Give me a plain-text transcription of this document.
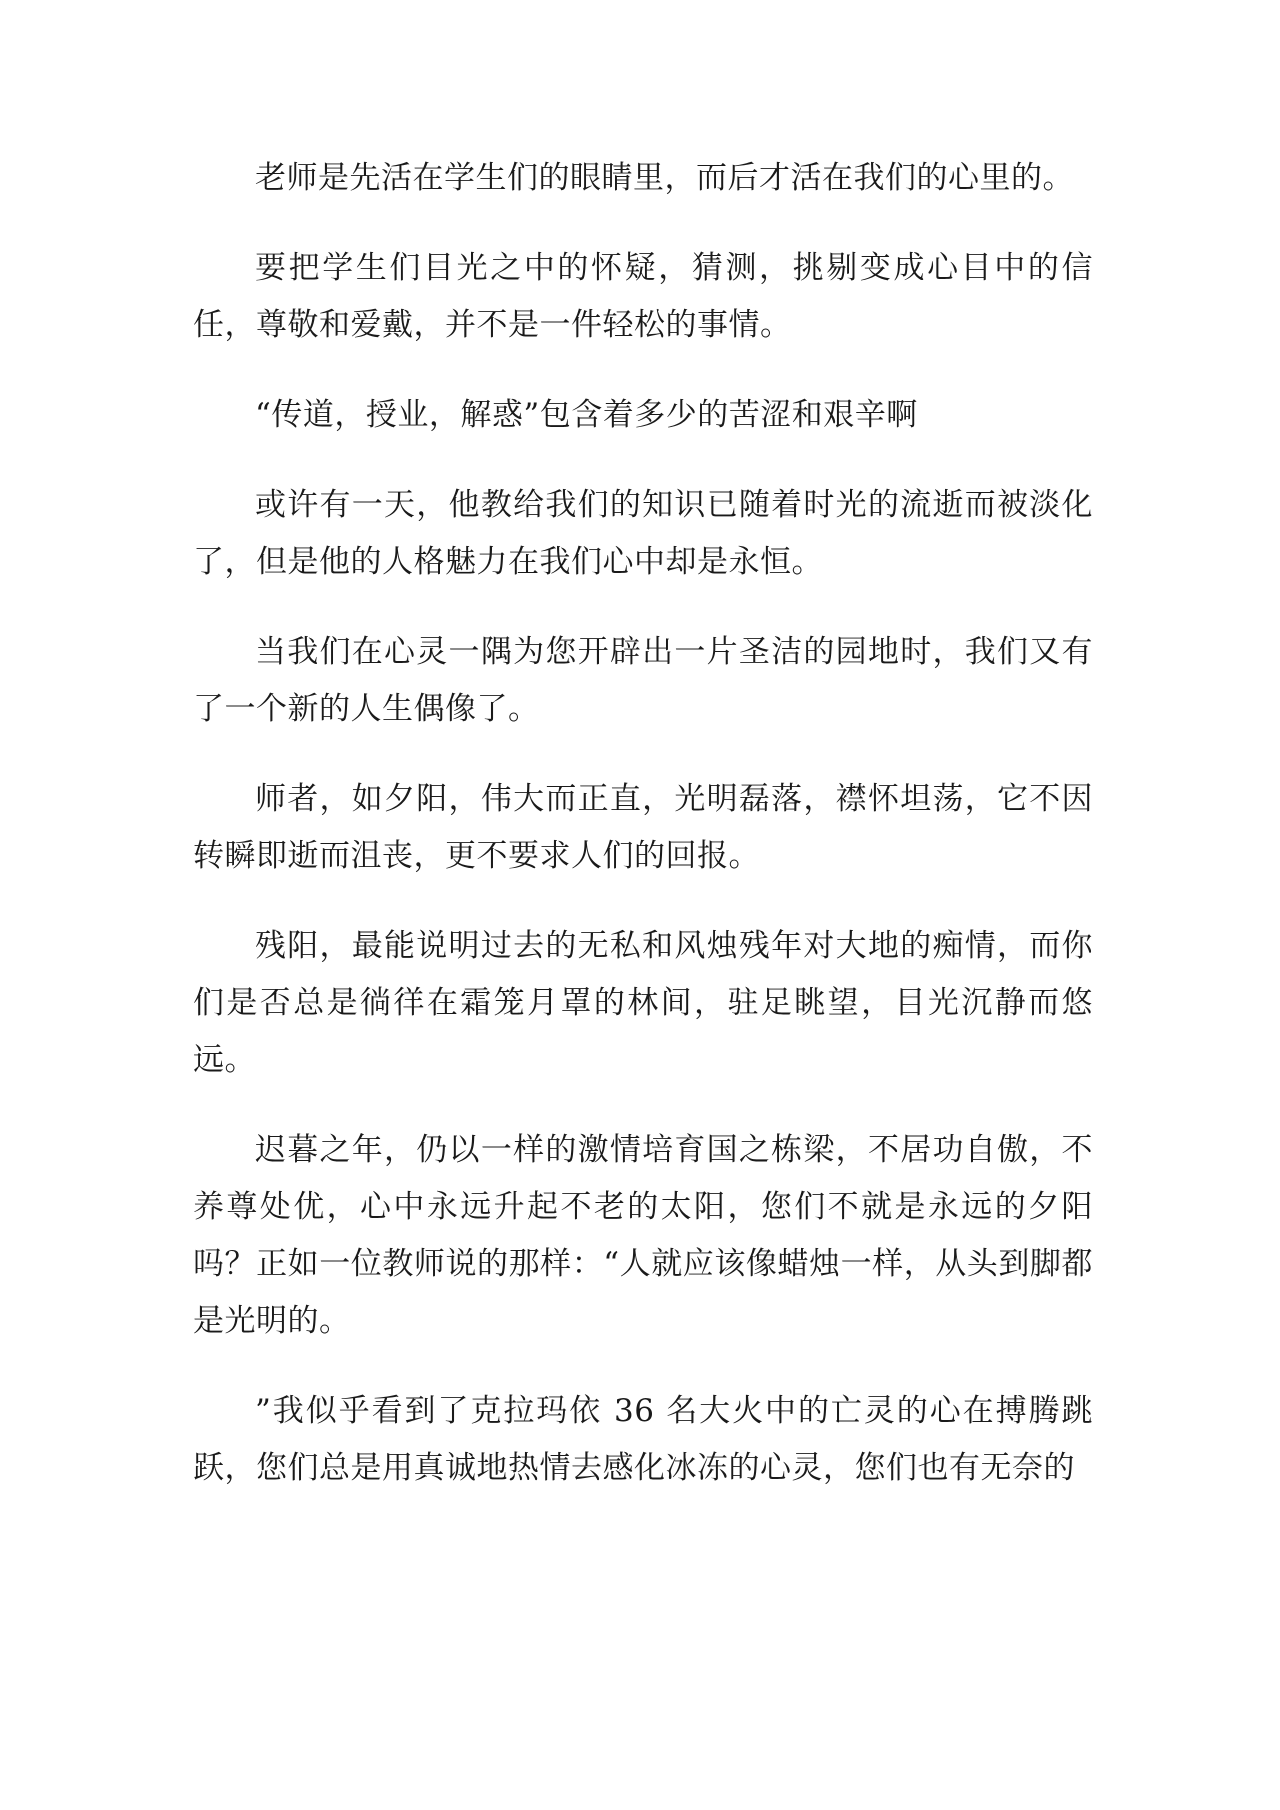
老师是先活在学生们的眼睛里，而后才活在我们的心里的。

要把学生们目光之中的怀疑，猜测，挑剔变成心目中的信任，尊敬和爱戴，并不是一件轻松的事情。

“传道，授业，解惑”包含着多少的苦涩和艰辛啊

或许有一天，他教给我们的知识已随着时光的流逝而被淡化了，但是他的人格魅力在我们心中却是永恒。

当我们在心灵一隅为您开辟出一片圣洁的园地时，我们又有了一个新的人生偶像了。

师者，如夕阳，伟大而正直，光明磊落，襟怀坦荡，它不因转瞬即逝而沮丧，更不要求人们的回报。

残阳，最能说明过去的无私和风烛残年对大地的痴情，而你们是否总是徜徉在霜笼月罩的林间，驻足眺望，目光沉静而悠远。

迟暮之年，仍以一样的激情培育国之栋梁，不居功自傲，不养尊处优，心中永远升起不老的太阳，您们不就是永远的夕阳吗？正如一位教师说的那样：“人就应该像蜡烛一样，从头到脚都是光明的。

”我似乎看到了克拉玛依 36 名大火中的亡灵的心在搏腾跳跃，您们总是用真诚地热情去感化冰冻的心灵，您们也有无奈的
